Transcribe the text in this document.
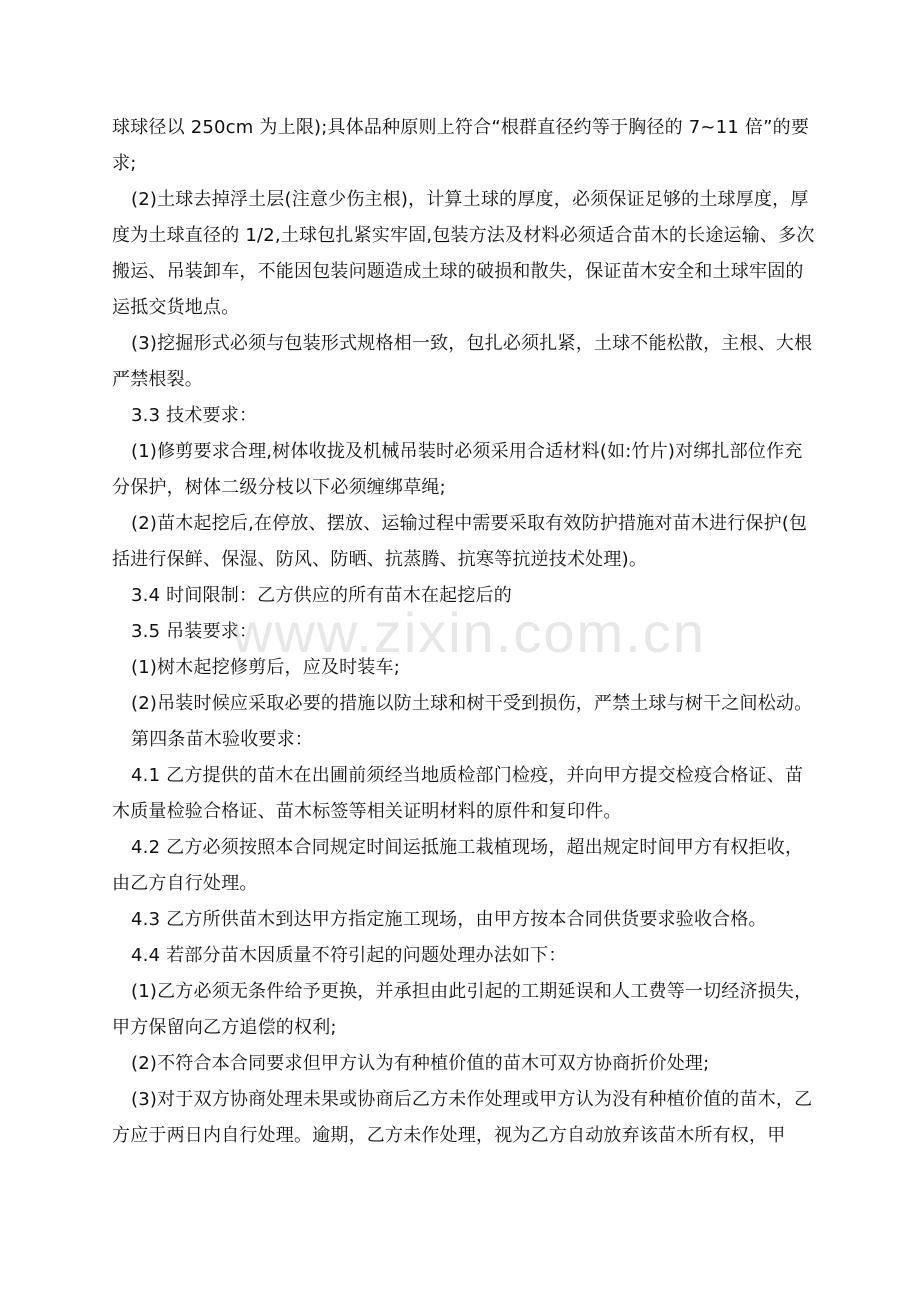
球球径以 250cm 为上限);具体品种原则上符合“根群直径约等于胸径的 7~11 倍”的要求;

(2)土球去掉浮土层(注意少伤主根)，计算土球的厚度，必须保证足够的土球厚度，厚度为土球直径的 1/2,土球包扎紧实牢固,包装方法及材料必须适合苗木的长途运输、多次搬运、吊装卸车，不能因包装问题造成土球的破损和散失，保证苗木安全和土球牢固的运抵交货地点。

(3)挖掘形式必须与包装形式规格相一致，包扎必须扎紧，土球不能松散，主根、大根严禁根裂。

3.3 技术要求：

(1)修剪要求合理,树体收拢及机械吊装时必须采用合适材料(如:竹片)对绑扎部位作充分保护，树体二级分枝以下必须缠绑草绳;

(2)苗木起挖后,在停放、摆放、运输过程中需要采取有效防护措施对苗木进行保护(包括进行保鲜、保湿、防风、防晒、抗蒸腾、抗寒等抗逆技术处理)。

3.4 时间限制：乙方供应的所有苗木在起挖后的

3.5 吊装要求：

(1)树木起挖修剪后，应及时装车;

(2)吊装时候应采取必要的措施以防土球和树干受到损伤，严禁土球与树干之间松动。

第四条苗木验收要求：

4.1 乙方提供的苗木在出圃前须经当地质检部门检疫，并向甲方提交检疫合格证、苗木质量检验合格证、苗木标签等相关证明材料的原件和复印件。

4.2 乙方必须按照本合同规定时间运抵施工栽植现场，超出规定时间甲方有权拒收，由乙方自行处理。

4.3 乙方所供苗木到达甲方指定施工现场，由甲方按本合同供货要求验收合格。

4.4 若部分苗木因质量不符引起的问题处理办法如下：

(1)乙方必须无条件给予更换，并承担由此引起的工期延误和人工费等一切经济损失，甲方保留向乙方追偿的权利;

(2)不符合本合同要求但甲方认为有种植价值的苗木可双方协商折价处理;

(3)对于双方协商处理未果或协商后乙方未作处理或甲方认为没有种植价值的苗木，乙方应于两日内自行处理。逾期，乙方未作处理，视为乙方自动放弃该苗木所有权，甲

www.zixin.com.cn
